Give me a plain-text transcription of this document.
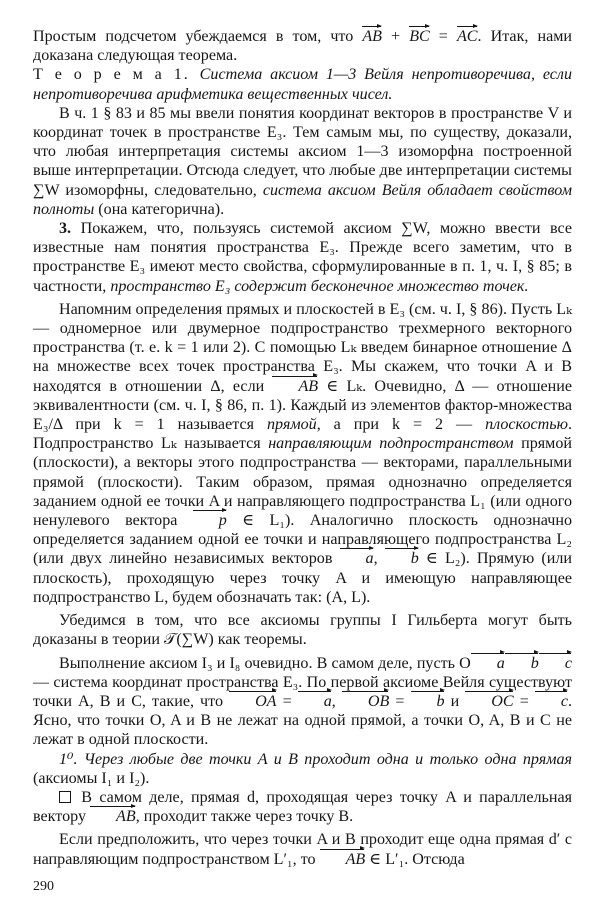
Простым подсчетом убеждаемся в том, что AB + BC = AC. Итак, нами доказана следующая теорема.

Т е о р е м а 1. Система аксиом 1—3 Вейля непротиворечива, если непротиворечива арифметика вещественных чисел.

В ч. 1 § 83 и 85 мы ввели понятия координат векторов в пространстве V и координат точек в пространстве E₃. Тем самым мы, по существу, доказали, что любая интерпретация системы аксиом 1—3 изоморфна построенной выше интерпретации. Отсюда следует, что любые две интерпретации системы ∑W изоморфны, следовательно, система аксиом Вейля обладает свойством полноты (она категорична).

3. Покажем, что, пользуясь системой аксиом ∑W, можно ввести все известные нам понятия пространства E₃. Прежде всего заметим, что в пространстве E₃ имеют место свойства, сформулированные в п. 1, ч. I, § 85; в частности, пространство E₃ содержит бесконечное множество точек.

Напомним определения прямых и плоскостей в E₃ (см. ч. I, § 86). Пусть Lₖ — одномерное или двумерное подпространство трехмерного векторного пространства (т. е. k = 1 или 2). С помощью Lₖ введем бинарное отношение Δ на множестве всех точек пространства E₃. Мы скажем, что точки A и B находятся в отношении Δ, если AB ∈ Lₖ. Очевидно, Δ — отношение эквивалентности (см. ч. I, § 86, п. 1). Каждый из элементов фактор-множества E₃/Δ при k = 1 называется прямой, а при k = 2 — плоскостью. Подпространство Lₖ называется направляющим подпространством прямой (плоскости), а векторы этого подпространства — векторами, параллельными прямой (плоскости). Таким образом, прямая однозначно определяется заданием одной ее точки A и направляющего подпространства L₁ (или одного ненулевого вектора p ∈ L₁). Аналогично плоскость однозначно определяется заданием одной ее точки и направляющего подпространства L₂ (или двух линейно независимых векторов a, b ∈ L₂). Прямую (или плоскость), проходящую через точку A и имеющую направляющее подпространство L, будем обозначать так: (A, L).

Убедимся в том, что все аксиомы группы I Гильберта могут быть доказаны в теории 𝒯(∑W) как теоремы.

Выполнение аксиом I₃ и I₈ очевидно. В самом деле, пусть O a b c — система координат пространства E₃. По первой аксиоме Вейля существуют точки A, B и C, такие, что OA = a, OB = b и OC = c. Ясно, что точки O, A и B не лежат на одной прямой, а точки O, A, B и C не лежат в одной плоскости.

1⁰. Через любые две точки A и B проходит одна и только одна прямая (аксиомы I₁ и I₂).

В самом деле, прямая d, проходящая через точку A и параллельная вектору AB, проходит также через точку B.

Если предположить, что через точки A и B проходит еще одна прямая d′ с направляющим подпространством L′₁, то AB ∈ L′₁. Отсюда

290
